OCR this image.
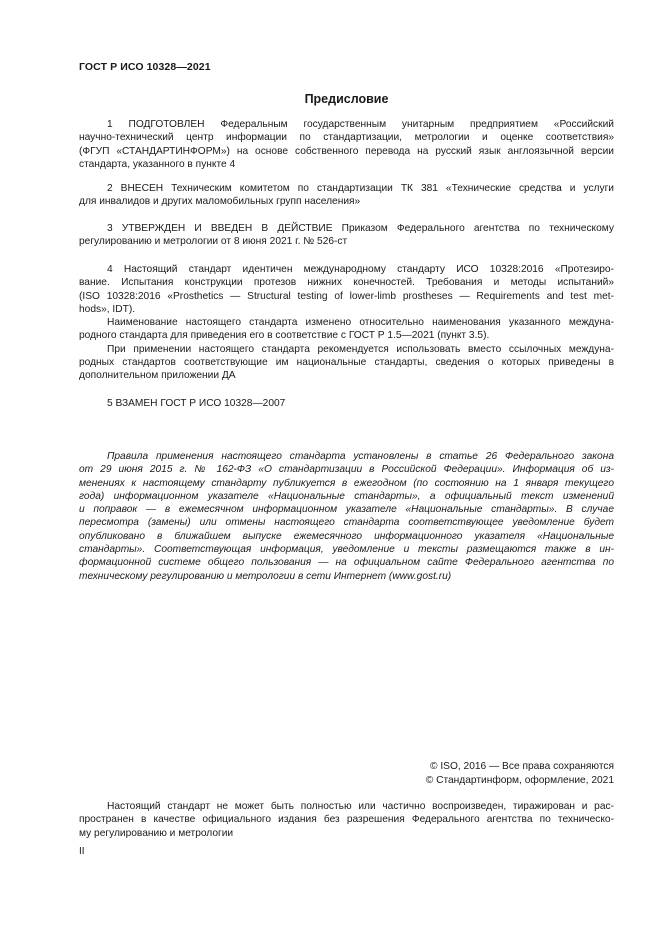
ГОСТ Р ИСО 10328—2021
Предисловие
1 ПОДГОТОВЛЕН Федеральным государственным унитарным предприятием «Российский
научно-технический центр информации по стандартизации, метрологии и оценке соответствия»
(ФГУП «СТАНДАРТИНФОРМ») на основе собственного перевода на русский язык англоязычной версии
стандарта, указанного в пункте 4
2 ВНЕСЕН Техническим комитетом по стандартизации ТК 381 «Технические средства и услуги
для инвалидов и других маломобильных групп населения»
3 УТВЕРЖДЕН И ВВЕДЕН В ДЕЙСТВИЕ Приказом Федерального агентства по техническому
регулированию и метрологии от 8 июня 2021 г. № 526-ст
4 Настоящий стандарт идентичен международному стандарту ИСО 10328:2016 «Протезиро-
вание. Испытания конструкции протезов нижних конечностей. Требования и методы испытаний»
(ISO 10328:2016 «Prosthetics — Structural testing of lower-limb prostheses — Requirements and test met-
hods», IDT).
Наименование настоящего стандарта изменено относительно наименования указанного междуна-
родного стандарта для приведения его в соответствие с ГОСТ Р 1.5—2021 (пункт 3.5).
При применении настоящего стандарта рекомендуется использовать вместо ссылочных междуна-
родных стандартов соответствующие им национальные стандарты, сведения о которых приведены в
дополнительном приложении ДА
5 ВЗАМЕН ГОСТ Р ИСО 10328—2007
Правила применения настоящего стандарта установлены в статье 26 Федерального закона
от 29 июня 2015 г. № 162-ФЗ «О стандартизации в Российской Федерации». Информация об из-
менениях к настоящему стандарту публикуется в ежегодном (по состоянию на 1 января текущего
года) информационном указателе «Национальные стандарты», а официальный текст изменений
и поправок — в ежемесячном информационном указателе «Национальные стандарты». В случае
пересмотра (замены) или отмены настоящего стандарта соответствующее уведомление будет
опубликовано в ближайшем выпуске ежемесячного информационного указателя «Национальные
стандарты». Соответствующая информация, уведомление и тексты размещаются также в ин-
формационной системе общего пользования — на официальном сайте Федерального агентства по
техническому регулированию и метрологии в сети Интернет (www.gost.ru)
© ISO, 2016 — Все права сохраняются
© Стандартинформ, оформление, 2021
Настоящий стандарт не может быть полностью или частично воспроизведен, тиражирован и рас-
пространен в качестве официального издания без разрешения Федерального агентства по техническо-
му регулированию и метрологии
II
